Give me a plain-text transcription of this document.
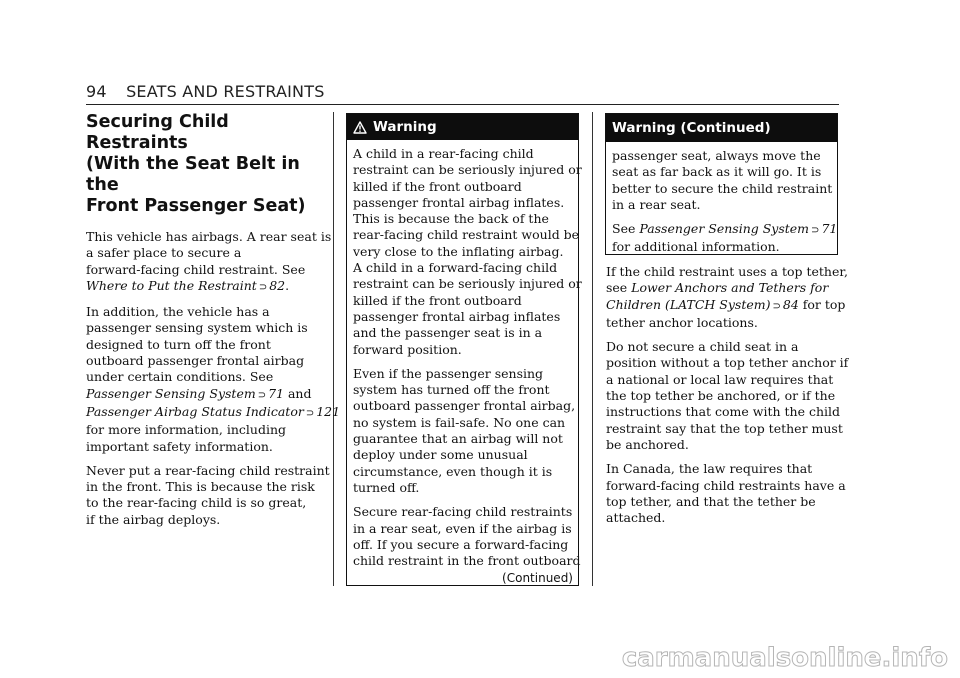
94 SEATS AND RESTRAINTS
Securing Child Restraints
(With the Seat Belt in the
Front Passenger Seat)

This vehicle has airbags. A rear seat is
a safer place to secure a
forward-facing child restraint. See
Where to Put the Restraint ⊃ 82.

In addition, the vehicle has a
passenger sensing system which is
designed to turn off the front
outboard passenger frontal airbag
under certain conditions. See
Passenger Sensing System ⊃ 71 and
Passenger Airbag Status Indicator ⊃ 121
for more information, including
important safety information.

Never put a rear-facing child restraint
in the front. This is because the risk
to the rear-facing child is so great,
if the airbag deploys.

Warning

A child in a rear-facing child
restraint can be seriously injured or
killed if the front outboard
passenger frontal airbag inflates.
This is because the back of the
rear-facing child restraint would be
very close to the inflating airbag.
A child in a forward-facing child
restraint can be seriously injured or
killed if the front outboard
passenger frontal airbag inflates
and the passenger seat is in a
forward position.

Even if the passenger sensing
system has turned off the front
outboard passenger frontal airbag,
no system is fail-safe. No one can
guarantee that an airbag will not
deploy under some unusual
circumstance, even though it is
turned off.

Secure rear-facing child restraints
in a rear seat, even if the airbag is
off. If you secure a forward-facing
child restraint in the front outboard

(Continued)
Warning (Continued)

passenger seat, always move the
seat as far back as it will go. It is
better to secure the child restraint
in a rear seat.

See Passenger Sensing System ⊃ 71
for additional information.

If the child restraint uses a top tether,
see Lower Anchors and Tethers for
Children (LATCH System) ⊃ 84 for top
tether anchor locations.

Do not secure a child seat in a
position without a top tether anchor if
a national or local law requires that
the top tether be anchored, or if the
instructions that come with the child
restraint say that the top tether must
be anchored.

In Canada, the law requires that
forward-facing child restraints have a
top tether, and that the tether be
attached.

carmanualsonline.info
